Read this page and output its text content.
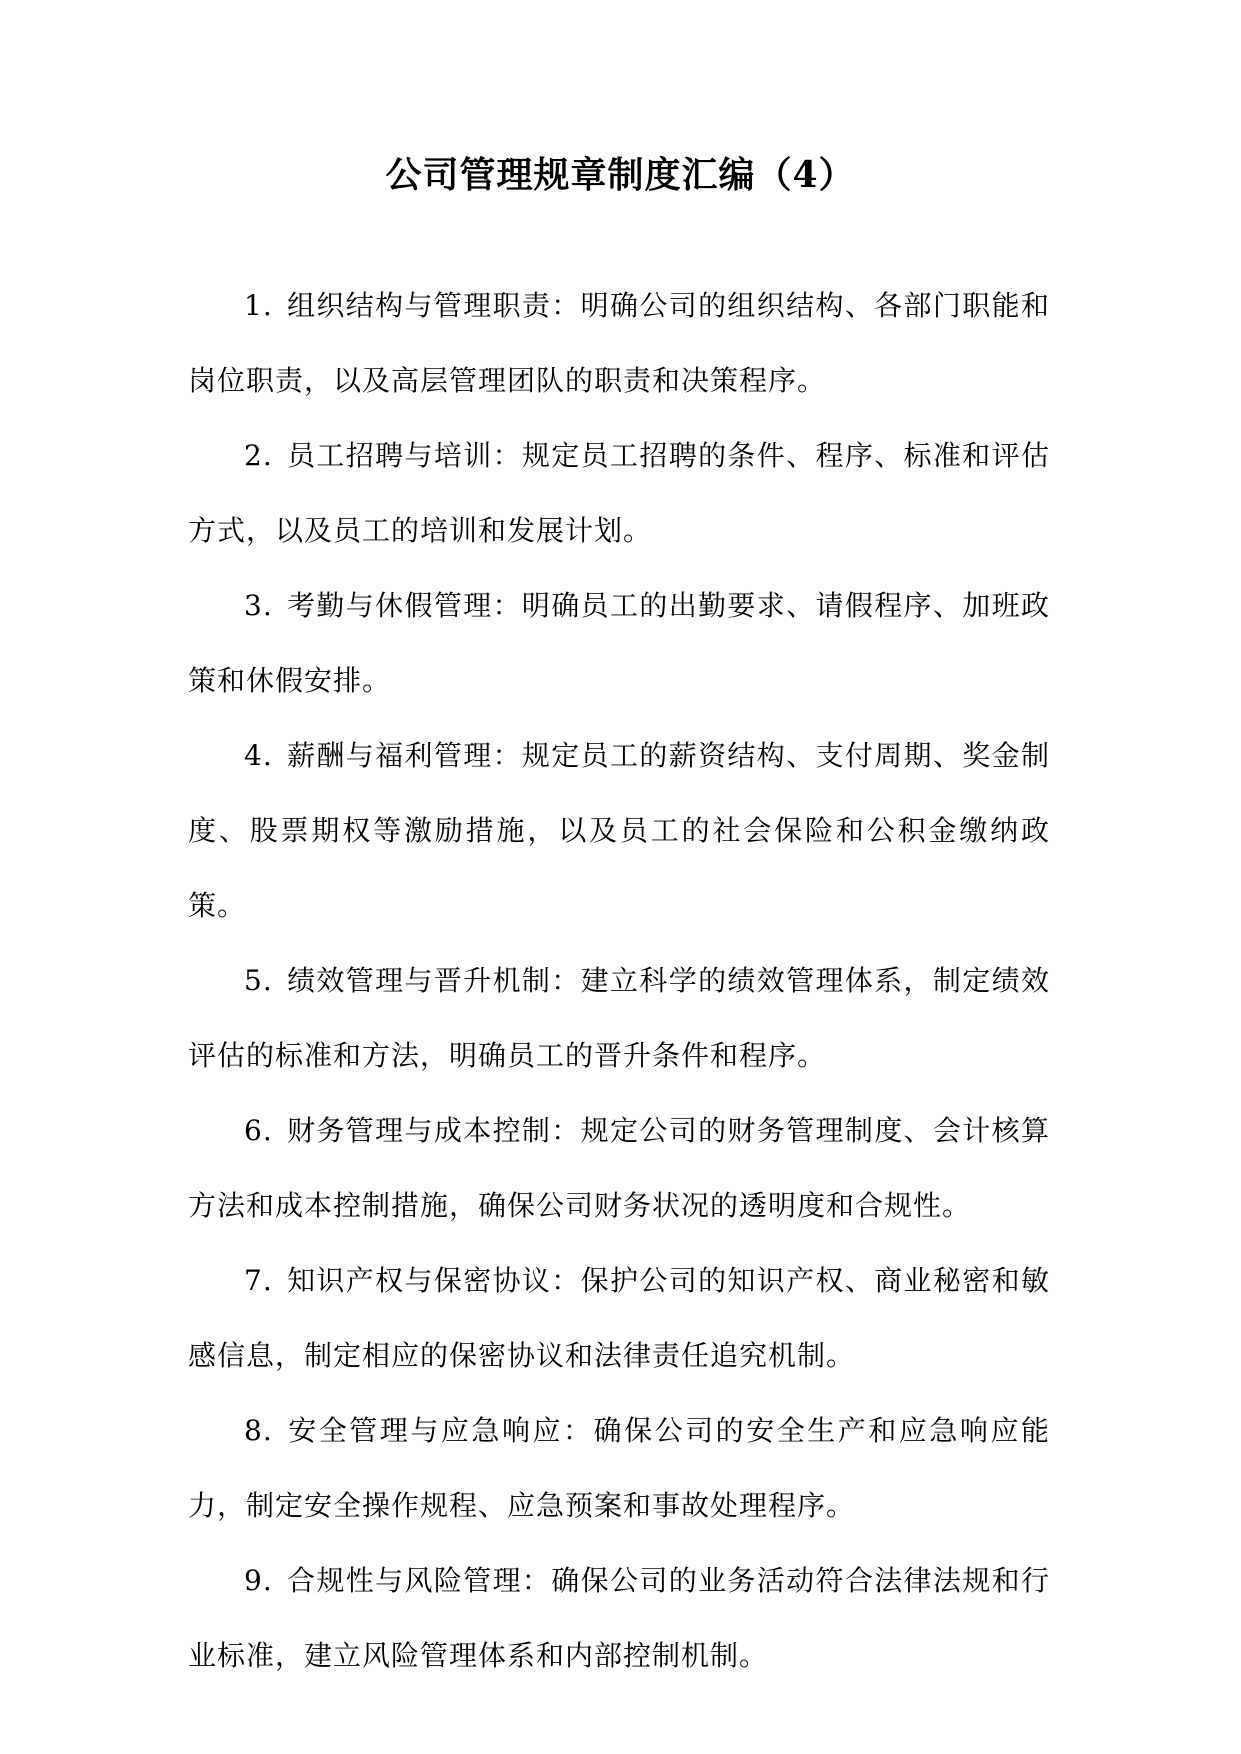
公司管理规章制度汇编（4）

1. 组织结构与管理职责：明确公司的组织结构、各部门职能和岗位职责，以及高层管理团队的职责和决策程序。

2. 员工招聘与培训：规定员工招聘的条件、程序、标准和评估方式，以及员工的培训和发展计划。

3. 考勤与休假管理：明确员工的出勤要求、请假程序、加班政策和休假安排。

4. 薪酬与福利管理：规定员工的薪资结构、支付周期、奖金制度、股票期权等激励措施，以及员工的社会保险和公积金缴纳政策。

5. 绩效管理与晋升机制：建立科学的绩效管理体系，制定绩效评估的标准和方法，明确员工的晋升条件和程序。

6. 财务管理与成本控制：规定公司的财务管理制度、会计核算方法和成本控制措施，确保公司财务状况的透明度和合规性。

7. 知识产权与保密协议：保护公司的知识产权、商业秘密和敏感信息，制定相应的保密协议和法律责任追究机制。

8. 安全管理与应急响应：确保公司的安全生产和应急响应能力，制定安全操作规程、应急预案和事故处理程序。

9. 合规性与风险管理：确保公司的业务活动符合法律法规和行业标准，建立风险管理体系和内部控制机制。
